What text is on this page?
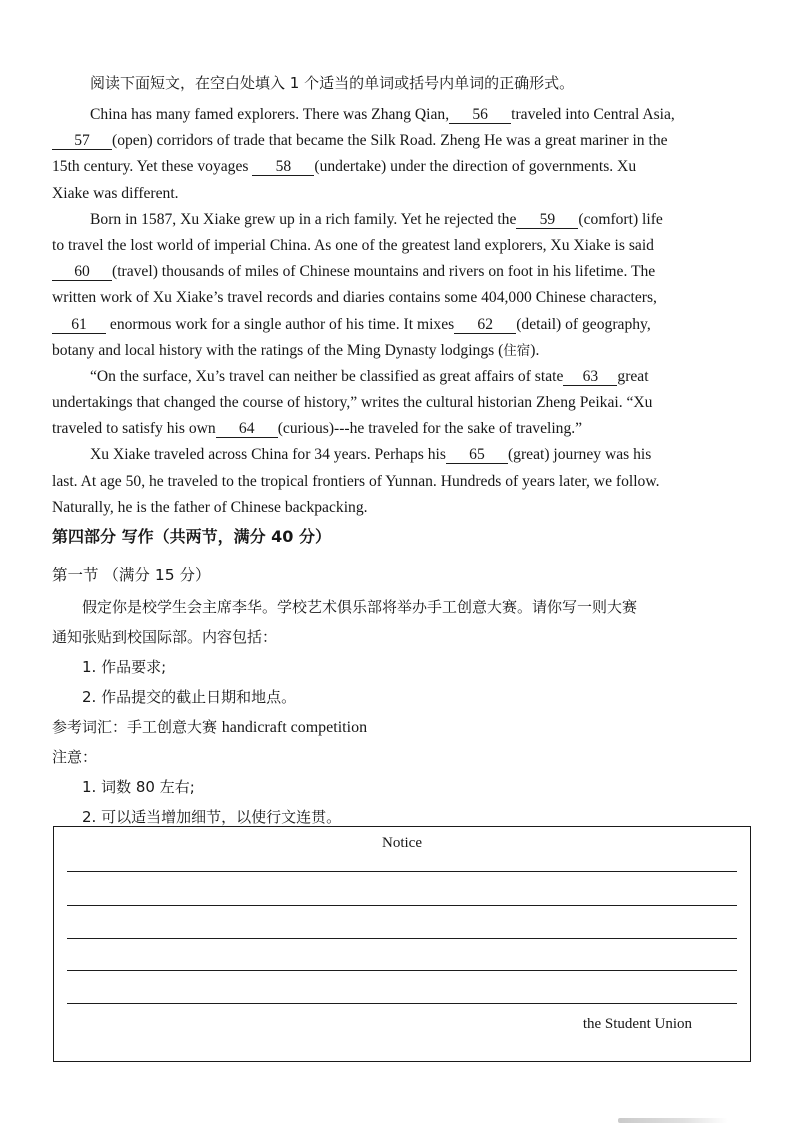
阅读下面短文，在空白处填入 1 个适当的单词或括号内单词的正确形式。
China has many famed explorers. There was Zhang Qian, 56 traveled into Central Asia,
57 (open) corridors of trade that became the Silk Road. Zheng He was a great mariner in the
15th century. Yet these voyages 58 (undertake) under the direction of governments. Xu
Xiake was different.
Born in 1587, Xu Xiake grew up in a rich family. Yet he rejected the 59 (comfort) life
to travel the lost world of imperial China. As one of the greatest land explorers, Xu Xiake is said
60 (travel) thousands of miles of Chinese mountains and rivers on foot in his lifetime. The
written work of Xu Xiake’s travel records and diaries contains some 404,000 Chinese characters,
61 enormous work for a single author of his time. It mixes 62 (detail) of geography,
botany and local history with the ratings of the Ming Dynasty lodgings (住宿).
“On the surface, Xu’s travel can neither be classified as great affairs of state 63 great
undertakings that changed the course of history,” writes the cultural historian Zheng Peikai. “Xu
traveled to satisfy his own 64 (curious)---he traveled for the sake of traveling.”
Xu Xiake traveled across China for 34 years. Perhaps his 65 (great) journey was his
last. At age 50, he traveled to the tropical frontiers of Yunnan. Hundreds of years later, we follow.
Naturally, he is the father of Chinese backpacking.
第四部分 写作（共两节，满分 40 分）
第一节 （满分 15 分）
假定你是校学生会主席李华。学校艺术俱乐部将举办手工创意大赛。请你写一则大赛
通知张贴到校国际部。内容包括：
1. 作品要求;
2. 作品提交的截止日期和地点。
参考词汇：手工创意大赛 handicraft competition
注意：
1. 词数 80 左右;
2. 可以适当增加细节，以使行文连贯。
Notice
the Student Union
